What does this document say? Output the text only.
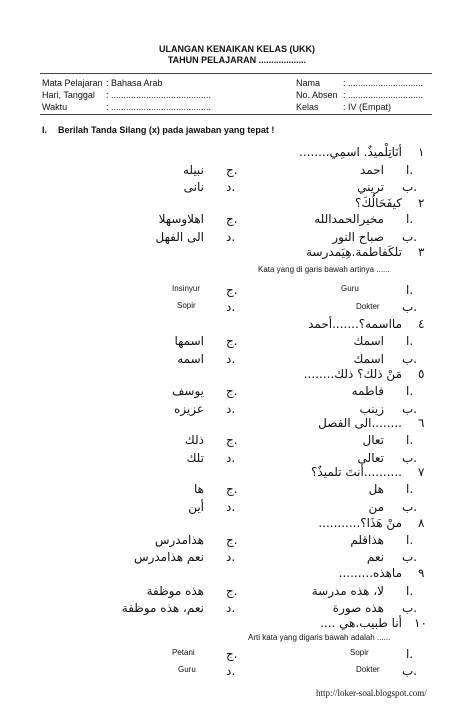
ULANGAN KENAIKAN KELAS (UKK)
TAHUN PELAJARAN ...................
Mata Pelajaran : Bahasa Arab
Hari, Tanggal : ........................................
Waktu	: ........................................
Nama	: ..............................
No. Absen : ..............................
Kelas	: IV (Empat)
I. Berilah Tanda Silang (x) pada jawaban yang tepat !
١
أنَاتِلْميذٌ. اسمِي........
ا.
احمد
ب.
تريني
ج.
نبيله
د.
نانى
٢
كيفَحَالُكَ؟
ا.
مخيرالحمدالله
ب.
صباح النور
ج.
اهلاوسهلا
د.
الى الفهل
٣
تلكَفاطمة.هِيَمدرسة
Kata yang di garis bawah artinya ......
ا.
Guru
ب.
Dokter
ج.
Insinyur
د.
Sopir
٤
مااسمه؟.......أحمد
ا.
اسمك
ب.
اسمك
ج.
اسمها
د.
اسمه
٥
مَنْ ذلك؟ ذلك........
ا.
فاطمه
ب.
زينب
ج.
يوسف
د.
عزيزه
٦
........الى الفصل
ا.
تعال
ب.
تعالى
ج.
ذلك
د.
تلك
٧
..........أنتَ تلميذٌ؟
ا.
هل
ب.
من
ج.
ها
د.
أين
٨
منْ هَذَا؟...........
ا.
هذاقلم
ب.
نعم
ج.
هذامدرس
د.
نعم هذامدرس
٩
ماهذه.........
ا.
لا، هذه مدرسة
ب.
هذه صورة
ج.
هذه موظفة
د.
نعم، هذه موظفة
١٠
أنا طبيب.هي ....
Arti kata yang digaris bawah adalah ......
ا.
Sopir
ب.
Dokter
ج.
Petani
د.
Guru
http://loker-soal.blogspot.com/
